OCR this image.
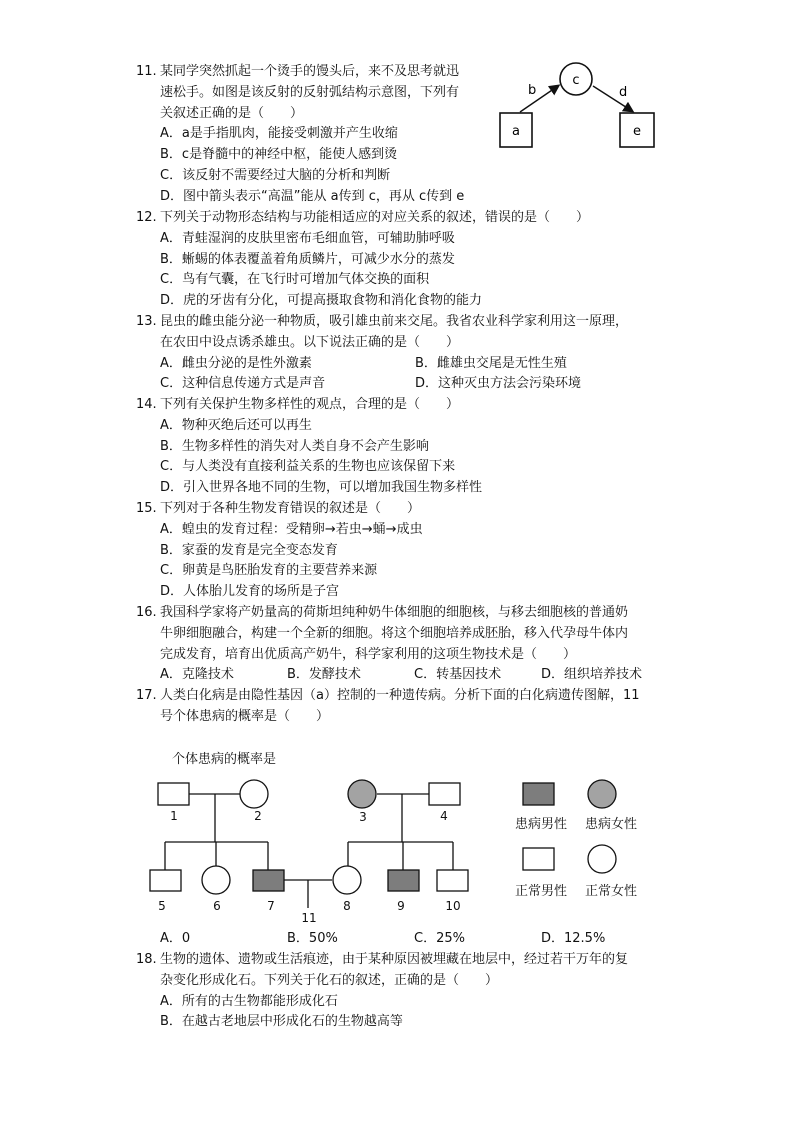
11. 某同学突然抓起一个烫手的馒头后，来不及思考就迅
速松手。如图是该反射的反射弧结构示意图，下列有
关叙述正确的是（　　）
A．a是手指肌肉，能接受刺激并产生收缩
B．c是脊髓中的神经中枢，能使人感到烫
C．该反射不需要经过大脑的分析和判断
D．图中箭头表示“高温”能从 a传到 c，再从 c传到 e
a
c
e
b	d
12. 下列关于动物形态结构与功能相适应的对应关系的叙述，错误的是（　　）
A．青蛙湿润的皮肤里密布毛细血管，可辅助肺呼吸
B．蜥蜴的体表覆盖着角质鳞片，可减少水分的蒸发
C．鸟有气囊，在飞行时可增加气体交换的面积
D．虎的牙齿有分化，可提高摄取食物和消化食物的能力
13. 昆虫的雌虫能分泌一种物质，吸引雄虫前来交尾。我省农业科学家利用这一原理，
在农田中设点诱杀雄虫。以下说法正确的是（　　）
A．雌虫分泌的是性外激素	B．雌雄虫交尾是无性生殖
C．这种信息传递方式是声音	D．这种灭虫方法会污染环境
14. 下列有关保护生物多样性的观点，合理的是（　　）
A．物种灭绝后还可以再生
B．生物多样性的消失对人类自身不会产生影响
C．与人类没有直接利益关系的生物也应该保留下来
D．引入世界各地不同的生物，可以增加我国生物多样性
15. 下列对于各种生物发育错误的叙述是（　　）
A．蝗虫的发育过程：受精卵→若虫→蛹→成虫
B．家蚕的发育是完全变态发育
C．卵黄是鸟胚胎发育的主要营养来源
D．人体胎儿发育的场所是子宫
16. 我国科学家将产奶量高的荷斯坦纯种奶牛体细胞的细胞核，与移去细胞核的普通奶
牛卵细胞融合，构建一个全新的细胞。将这个细胞培养成胚胎，移入代孕母牛体内
完成发育，培育出优质高产奶牛，科学家利用的这项生物技术是（　　）
A．克隆技术	B．发酵技术	C．转基因技术	D．组织培养技术
17. 人类白化病是由隐性基因（a）控制的一种遗传病。分析下面的白化病遗传图解，11
号个体患病的概率是（　　）
个体患病的概率是
1	2	3	4
5	6	7	8	9	10
11
患病男性 患病女性
正常男性 正常女性
A．0	B．50%	C．25%	D．12.5%
18. 生物的遗体、遗物或生活痕迹，由于某种原因被埋藏在地层中，经过若干万年的复
杂变化形成化石。下列关于化石的叙述，正确的是（　　）
A．所有的古生物都能形成化石
B．在越古老地层中形成化石的生物越高等
